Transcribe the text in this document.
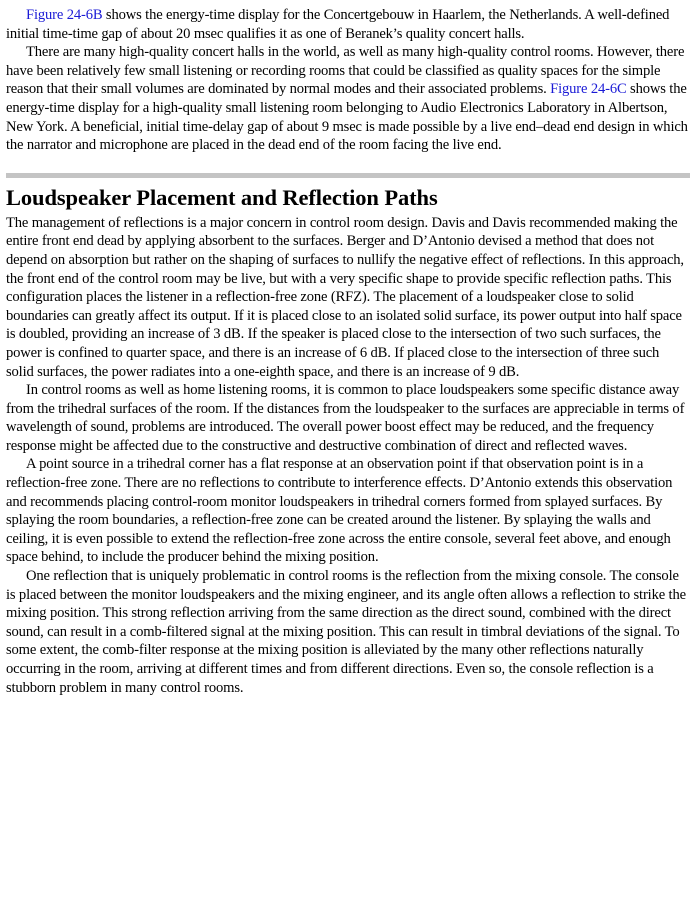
Figure 24-6B shows the energy-time display for the Concertgebouw in Haarlem, the Netherlands. A well-defined initial time-time gap of about 20 msec qualifies it as one of Beranek’s quality concert halls.

There are many high-quality concert halls in the world, as well as many high-quality control rooms. However, there have been relatively few small listening or recording rooms that could be classified as quality spaces for the simple reason that their small volumes are dominated by normal modes and their associated problems. Figure 24-6C shows the energy-time display for a high-quality small listening room belonging to Audio Electronics Laboratory in Albertson, New York. A beneficial, initial time-delay gap of about 9 msec is made possible by a live end–dead end design in which the narrator and microphone are placed in the dead end of the room facing the live end.

Loudspeaker Placement and Reflection Paths

The management of reflections is a major concern in control room design. Davis and Davis recommended making the entire front end dead by applying absorbent to the surfaces. Berger and D’Antonio devised a method that does not depend on absorption but rather on the shaping of surfaces to nullify the negative effect of reflections. In this approach, the front end of the control room may be live, but with a very specific shape to provide specific reflection paths. This configuration places the listener in a reflection-free zone (RFZ). The placement of a loudspeaker close to solid boundaries can greatly affect its output. If it is placed close to an isolated solid surface, its power output into half space is doubled, providing an increase of 3 dB. If the speaker is placed close to the intersection of two such surfaces, the power is confined to quarter space, and there is an increase of 6 dB. If placed close to the intersection of three such solid surfaces, the power radiates into a one-eighth space, and there is an increase of 9 dB.

In control rooms as well as home listening rooms, it is common to place loudspeakers some specific distance away from the trihedral surfaces of the room. If the distances from the loudspeaker to the surfaces are appreciable in terms of wavelength of sound, problems are introduced. The overall power boost effect may be reduced, and the frequency response might be affected due to the constructive and destructive combination of direct and reflected waves.

A point source in a trihedral corner has a flat response at an observation point if that observation point is in a reflection-free zone. There are no reflections to contribute to interference effects. D’Antonio extends this observation and recommends placing control-room monitor loudspeakers in trihedral corners formed from splayed surfaces. By splaying the room boundaries, a reflection-free zone can be created around the listener. By splaying the walls and ceiling, it is even possible to extend the reflection-free zone across the entire console, several feet above, and enough space behind, to include the producer behind the mixing position.

One reflection that is uniquely problematic in control rooms is the reflection from the mixing console. The console is placed between the monitor loudspeakers and the mixing engineer, and its angle often allows a reflection to strike the mixing position. This strong reflection arriving from the same direction as the direct sound, combined with the direct sound, can result in a comb-filtered signal at the mixing position. This can result in timbral deviations of the signal. To some extent, the comb-filter response at the mixing position is alleviated by the many other reflections naturally occurring in the room, arriving at different times and from different directions. Even so, the console reflection is a stubborn problem in many control rooms.
